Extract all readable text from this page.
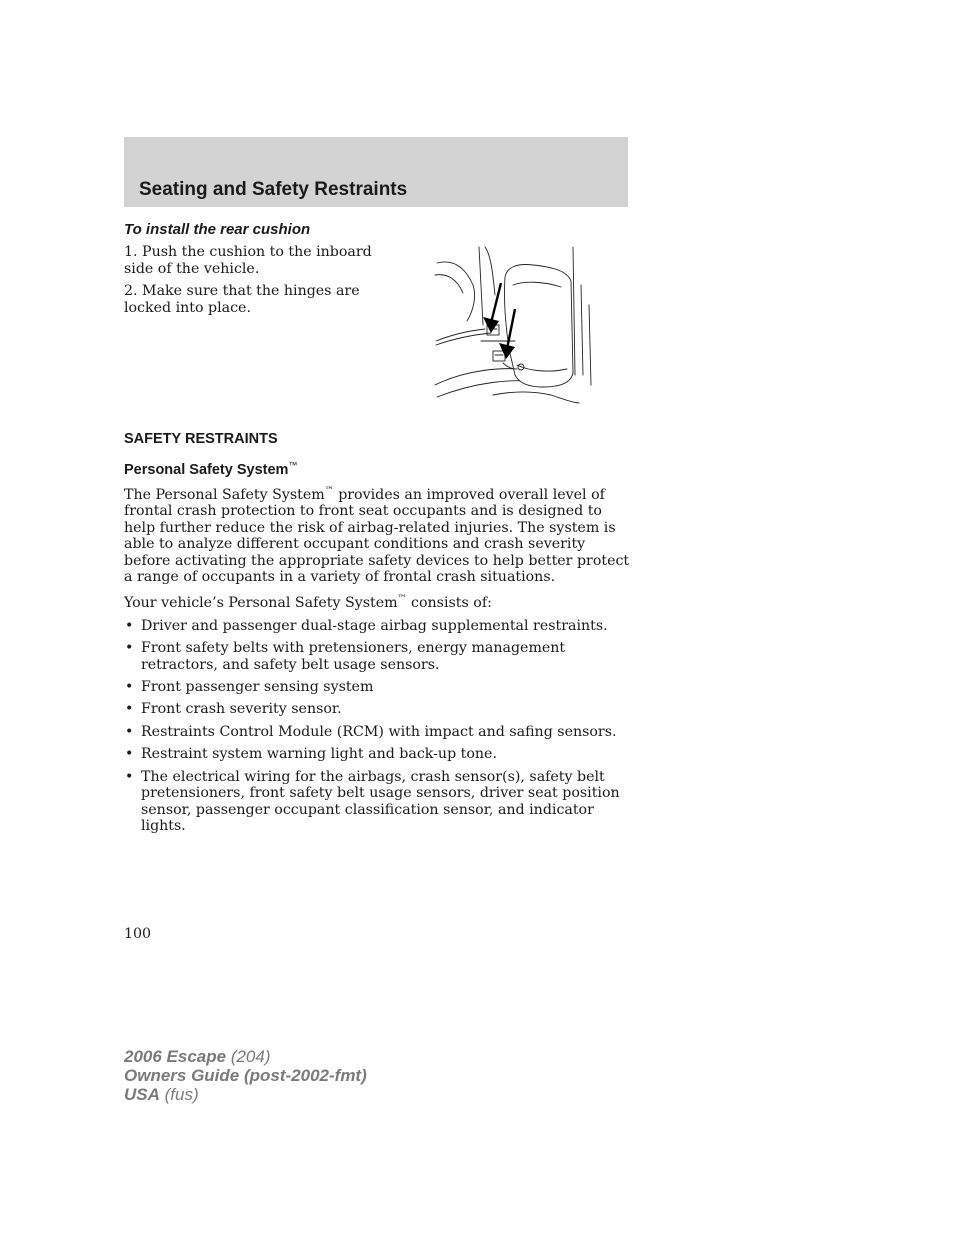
Seating and Safety Restraints
To install the rear cushion

1. Push the cushion to the inboard side of the vehicle.

2. Make sure that the hinges are locked into place.

SAFETY RESTRAINTS
Personal Safety System™

The Personal Safety System™ provides an improved overall level of frontal crash protection to front seat occupants and is designed to help further reduce the risk of airbag-related injuries. The system is able to analyze different occupant conditions and crash severity before activating the appropriate safety devices to help better protect a range of occupants in a variety of frontal crash situations.

Your vehicle’s Personal Safety System™ consists of:

• Driver and passenger dual-stage airbag supplemental restraints.
• Front safety belts with pretensioners, energy management retractors, and safety belt usage sensors.
• Front passenger sensing system
• Front crash severity sensor.
• Restraints Control Module (RCM) with impact and safing sensors.
• Restraint system warning light and back-up tone.
• The electrical wiring for the airbags, crash sensor(s), safety belt pretensioners, front safety belt usage sensors, driver seat position sensor, passenger occupant classification sensor, and indicator lights.
100
2006 Escape (204)
Owners Guide (post-2002-fmt)
USA (fus)
